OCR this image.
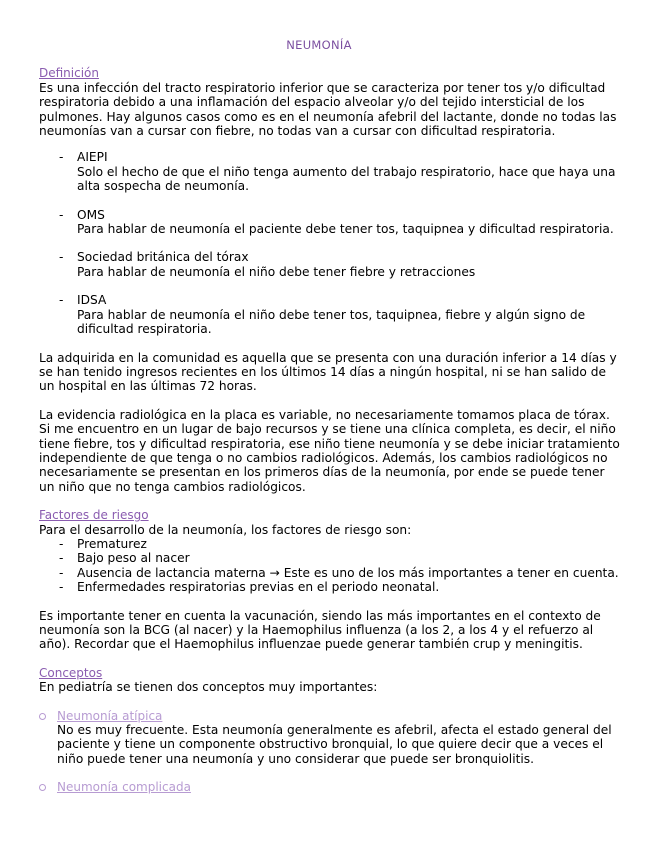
NEUMONÍA
Definición

Es una infección del tracto respiratorio inferior que se caracteriza por tener tos y/o dificultad respiratoria debido a una inflamación del espacio alveolar y/o del tejido intersticial de los pulmones. Hay algunos casos como es en el neumonía afebril del lactante, donde no todas las neumonías van a cursar con fiebre, no todas van a cursar con dificultad respiratoria.

- AIEPI
Solo el hecho de que el niño tenga aumento del trabajo respiratorio, hace que haya una alta sospecha de neumonía.
- OMS
Para hablar de neumonía el paciente debe tener tos, taquipnea y dificultad respiratoria.
- Sociedad británica del tórax
Para hablar de neumonía el niño debe tener fiebre y retracciones
- IDSA
Para hablar de neumonía el niño debe tener tos, taquipnea, fiebre y algún signo de dificultad respiratoria.

La adquirida en la comunidad es aquella que se presenta con una duración inferior a 14 días y se han tenido ingresos recientes en los últimos 14 días a ningún hospital, ni se han salido de un hospital en las últimas 72 horas.

La evidencia radiológica en la placa es variable, no necesariamente tomamos placa de tórax. Si me encuentro en un lugar de bajo recursos y se tiene una clínica completa, es decir, el niño tiene fiebre, tos y dificultad respiratoria, ese niño tiene neumonía y se debe iniciar tratamiento independiente de que tenga o no cambios radiológicos. Además, los cambios radiológicos no necesariamente se presentan en los primeros días de la neumonía, por ende se puede tener un niño que no tenga cambios radiológicos.

Factores de riesgo

Para el desarrollo de la neumonía, los factores de riesgo son:

- Prematurez
- Bajo peso al nacer
- Ausencia de lactancia materna → Este es uno de los más importantes a tener en cuenta.
- Enfermedades respiratorias previas en el periodo neonatal.

Es importante tener en cuenta la vacunación, siendo las más importantes en el contexto de neumonía son la BCG (al nacer) y la Haemophilus influenza (a los 2, a los 4 y el refuerzo al año). Recordar que el Haemophilus influenzae puede generar también crup y meningitis.

Conceptos

En pediatría se tienen dos conceptos muy importantes:

Neumonía atípica
No es muy frecuente. Esta neumonía generalmente es afebril, afecta el estado general del paciente y tiene un componente obstructivo bronquial, lo que quiere decir que a veces el niño puede tener una neumonía y uno considerar que puede ser bronquiolitis.
Neumonía complicada
